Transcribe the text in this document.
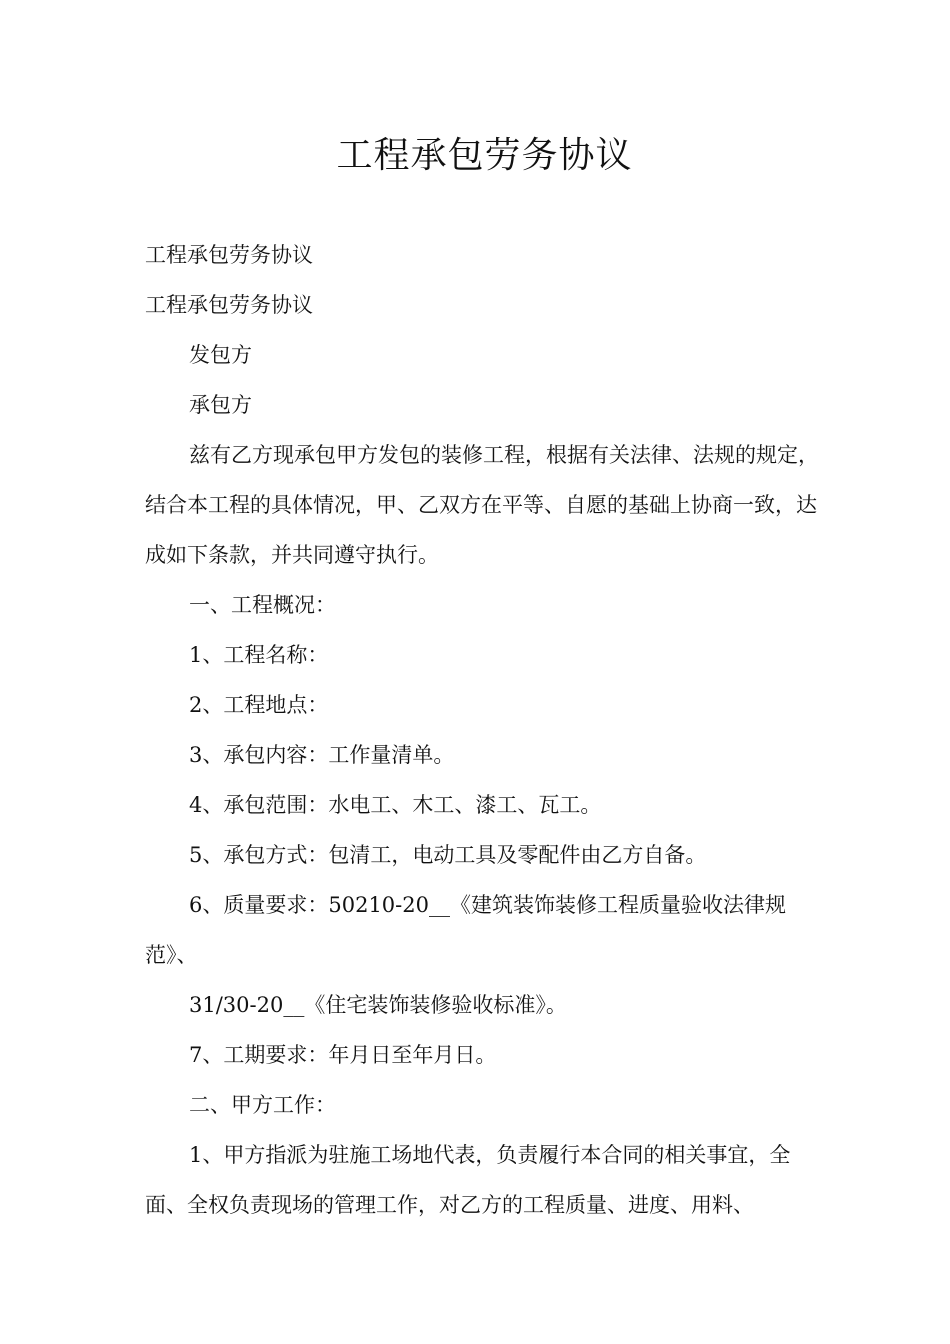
工程承包劳务协议

工程承包劳务协议

工程承包劳务协议

发包方

承包方

兹有乙方现承包甲方发包的装修工程，根据有关法律、法规的规定，结合本工程的具体情况，甲、乙双方在平等、自愿的基础上协商一致，达成如下条款，并共同遵守执行。

一、工程概况：

1、工程名称：

2、工程地点：

3、承包内容：工作量清单。

4、承包范围：水电工、木工、漆工、瓦工。

5、承包方式：包清工，电动工具及零配件由乙方自备。

6、质量要求：50210-20__《建筑装饰装修工程质量验收法律规范》、

31/30-20__《住宅装饰装修验收标准》。

7、工期要求：年月日至年月日。

二、甲方工作：

1、甲方指派为驻施工场地代表，负责履行本合同的相关事宜，全面、全权负责现场的管理工作，对乙方的工程质量、进度、用料、
